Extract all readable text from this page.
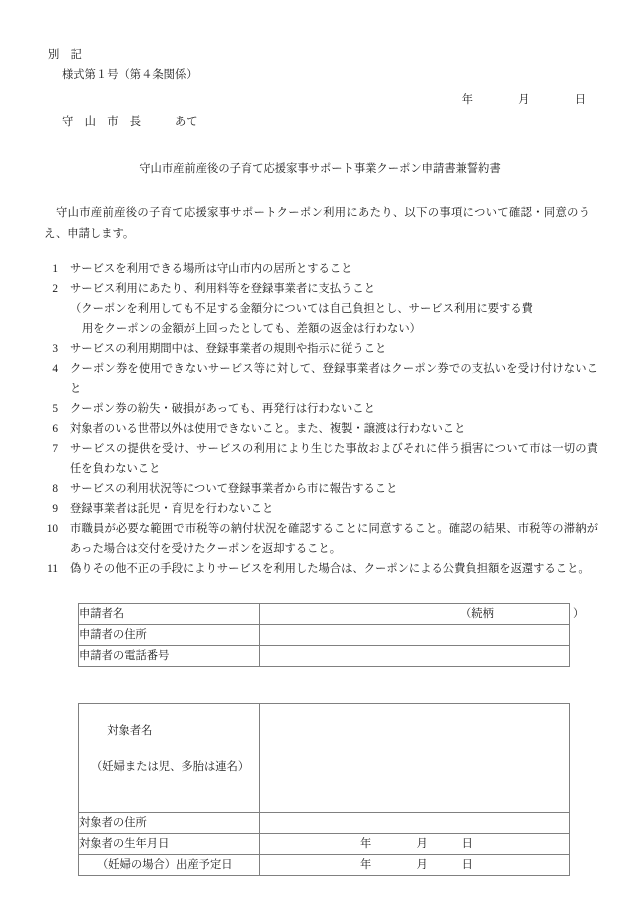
別　記
様式第１号（第４条関係）
年　　　　月　　　　日
守　山　市　長　　　あて
守山市産前産後の子育て応援家事サポート事業クーポン申請書兼誓約書
守山市産前産後の子育て応援家事サポートクーポン利用にあたり、以下の事項について確認・同意のうえ、申請します。
1	サービスを利用できる場所は守山市内の居所とすること
2	サービス利用にあたり、利用料等を登録事業者に支払うこと
（クーポンを利用しても不足する金額分については自己負担とし、サービス利用に要する費
用をクーポンの金額が上回ったとしても、差額の返金は行わない）
3	サービスの利用期間中は、登録事業者の規則や指示に従うこと
4	クーポン券を使用できないサービス等に対して、登録事業者はクーポン券での支払いを受け付けないこと
5	クーポン券の紛失・破損があっても、再発行は行わないこと
6	対象者のいる世帯以外は使用できないこと。また、複製・譲渡は行わないこと
7	サービスの提供を受け、サービスの利用により生じた事故およびそれに伴う損害について市は一切の責任を負わないこと
8	サービスの利用状況等について登録事業者から市に報告すること
9	登録事業者は託児・育児を行わないこと
10	市職員が必要な範囲で市税等の納付状況を確認することに同意すること。確認の結果、市税等の滞納があった場合は交付を受けたクーポンを返却すること。
11	偽りその他不正の手段によりサービスを利用した場合は、クーポンによる公費負担額を返還すること。
申請者名	（続柄　　　　　　　）

申請者の住所	
申請者の電話番号	

対象者名

（妊婦または児、多胎は連名）	

対象者の住所	
対象者の生年月日	年　　　　月　　　日

（妊婦の場合）出産予定日	年　　　　月　　　日
